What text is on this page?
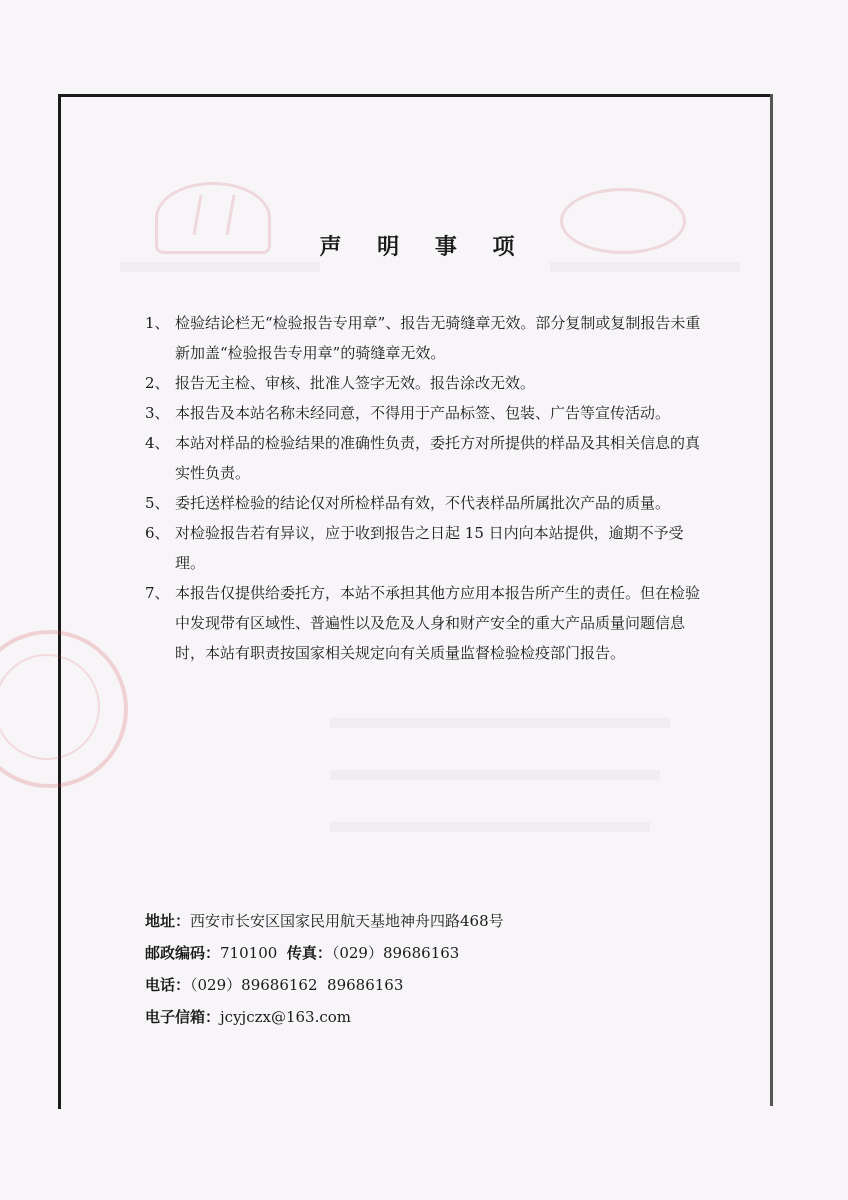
声 明 事 项
1、 检验结论栏无“检验报告专用章”、报告无骑缝章无效。部分复制或复制报告未重新加盖“检验报告专用章”的骑缝章无效。
2、 报告无主检、审核、批准人签字无效。报告涂改无效。
3、 本报告及本站名称未经同意，不得用于产品标签、包装、广告等宣传活动。
4、 本站对样品的检验结果的准确性负责，委托方对所提供的样品及其相关信息的真实性负责。
5、 委托送样检验的结论仅对所检样品有效，不代表样品所属批次产品的质量。
6、 对检验报告若有异议，应于收到报告之日起 15 日内向本站提供，逾期不予受理。
7、 本报告仅提供给委托方，本站不承担其他方应用本报告所产生的责任。但在检验中发现带有区域性、普遍性以及危及人身和财产安全的重大产品质量问题信息时，本站有职责按国家相关规定向有关质量监督检验检疫部门报告。
地址：西安市长安区国家民用航天基地神舟四路468号
邮政编码：710100 传真：（029）89686163
电话：（029）89686162  89686163
电子信箱：jcyjczx@163.com
